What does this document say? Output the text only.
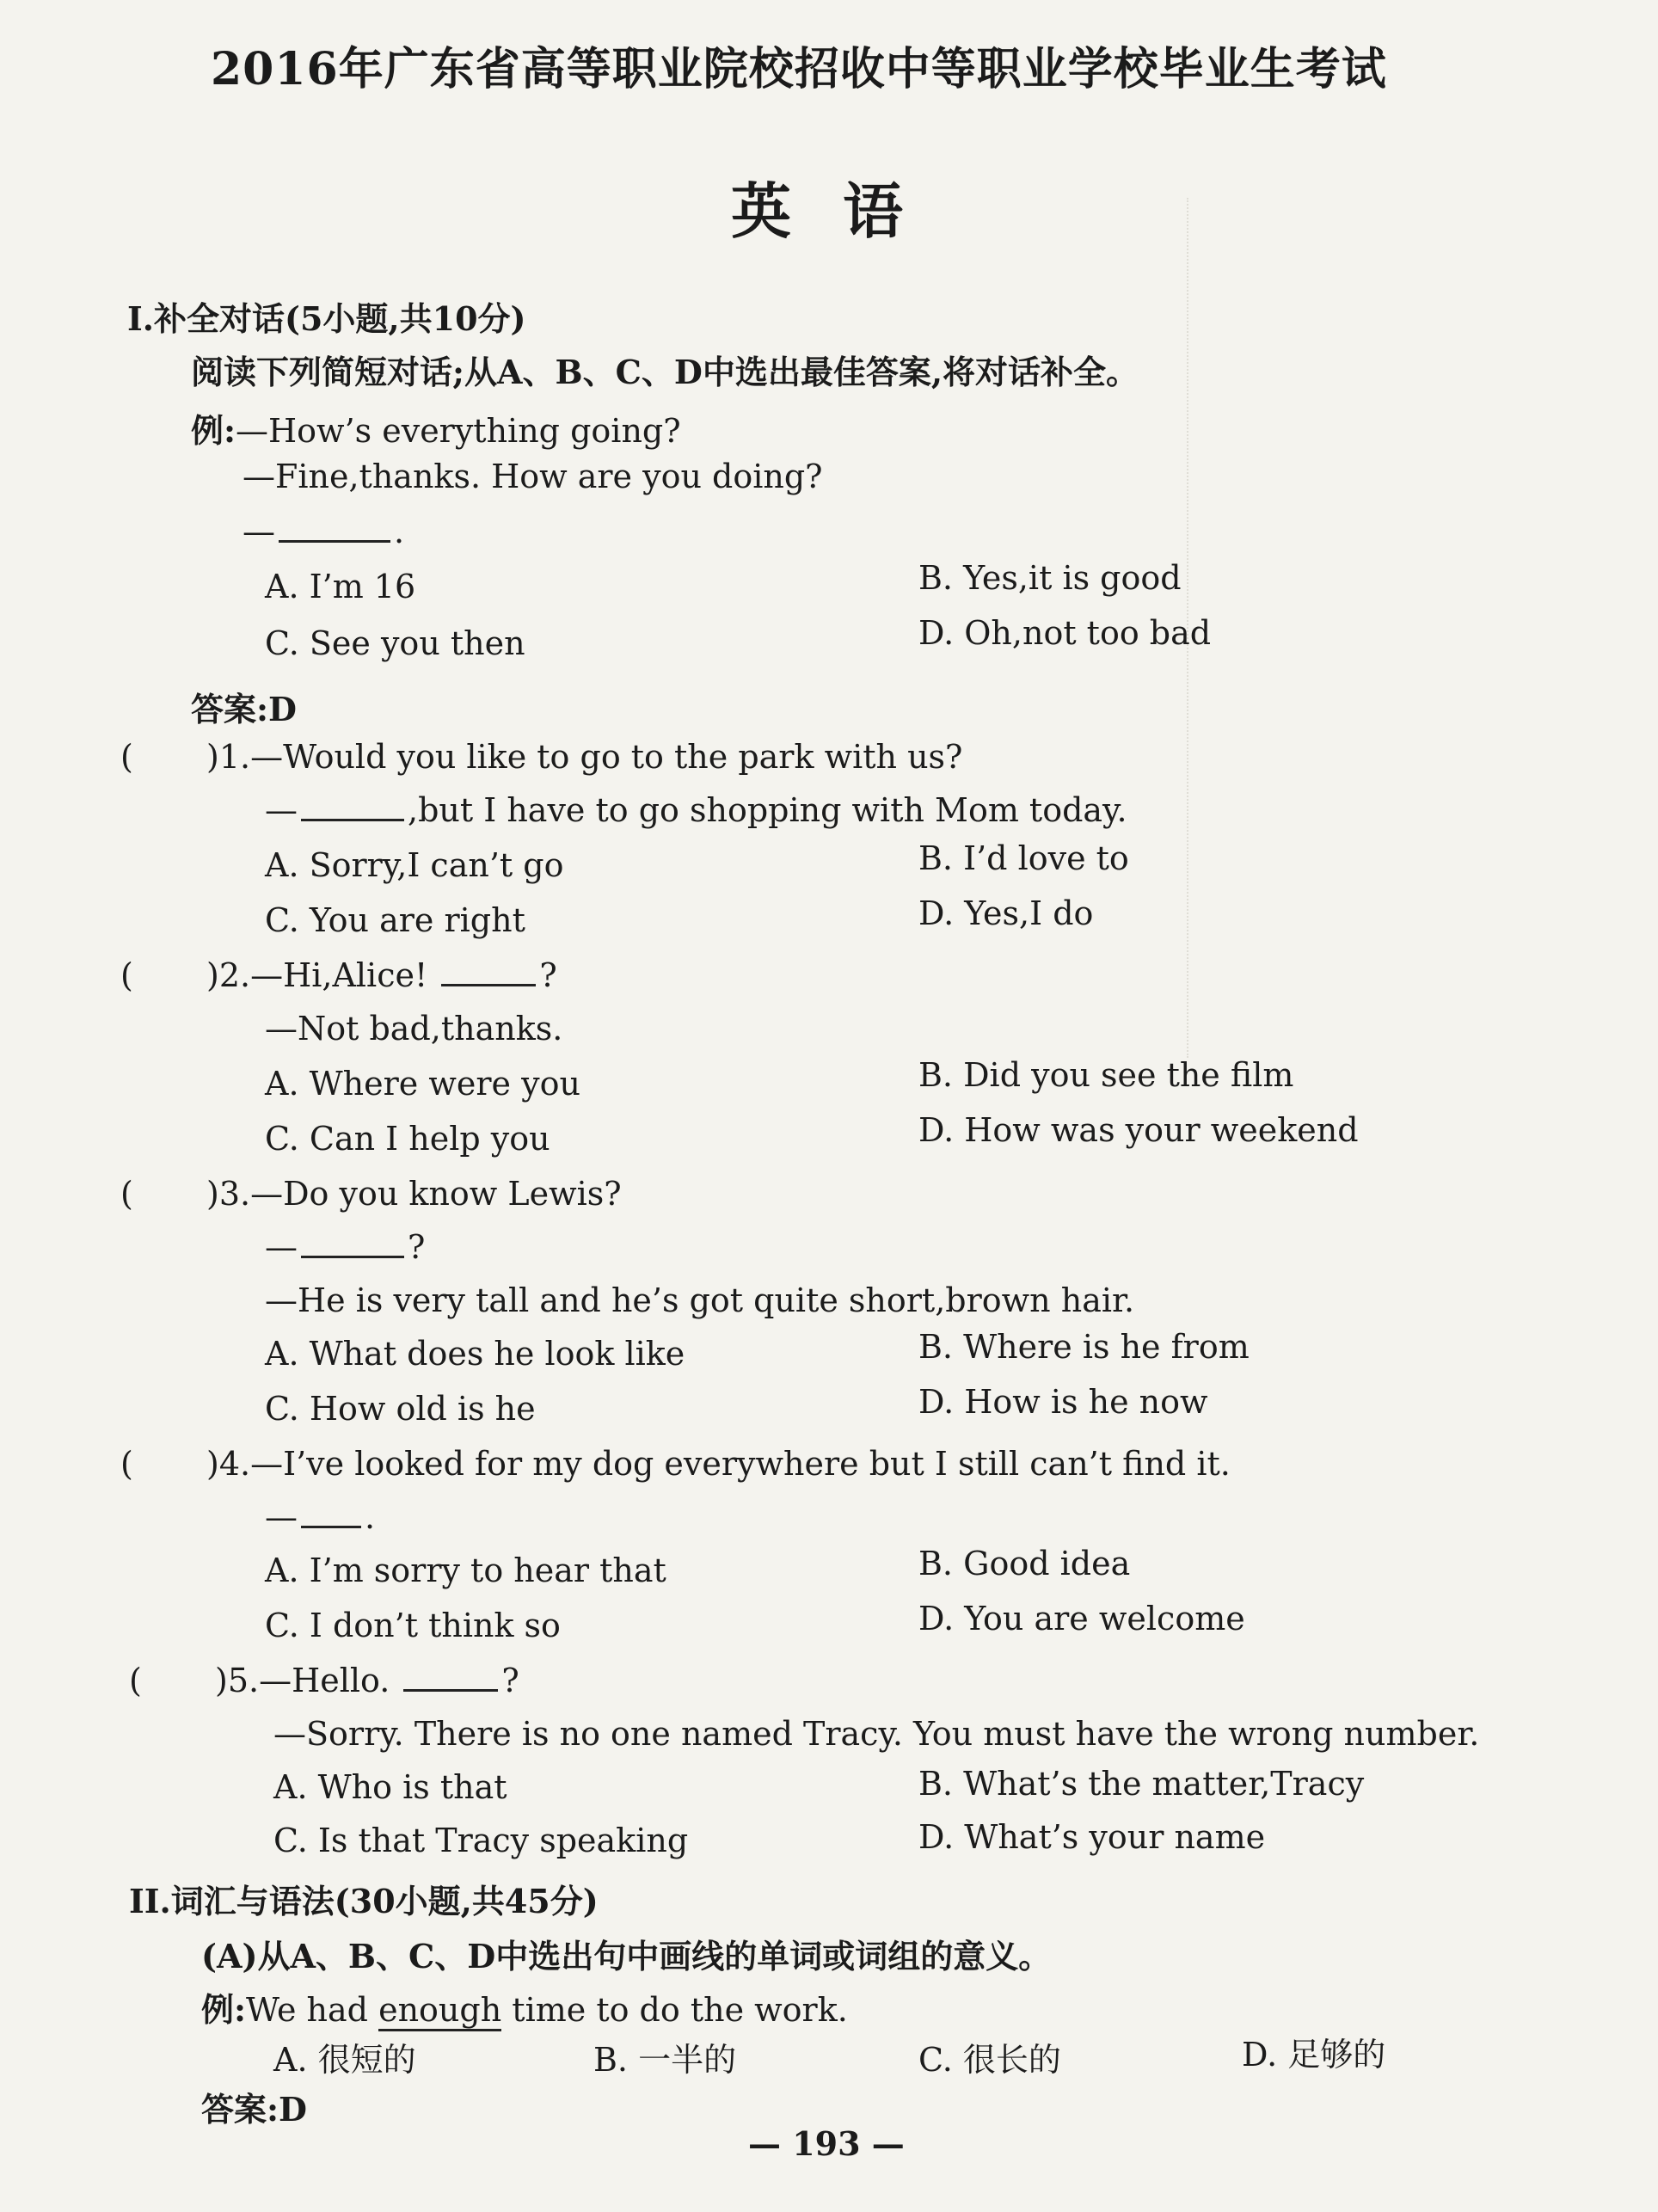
2016年广东省高等职业院校招收中等职业学校毕业生考试
英语
I.补全对话(5小题,共10分)
阅读下列简短对话;从A、B、C、D中选出最佳答案,将对话补全。
例:—How’s everything going?
—Fine,thanks. How are you doing?
—	.
A. I’m 16	B. Yes,it is good
C. See you then	D. Oh,not too bad
答案:D
( )1.—Would you like to go to the park with us?
—	,but I have to go shopping with Mom today.
A. Sorry,I can’t go	B. I’d love to
C. You are right	D. Yes,I do
( )2.—Hi,Alice!	?
—Not bad,thanks.
A. Where were you	B. Did you see the film
C. Can I help you	D. How was your weekend
( )3.—Do you know Lewis?
—	?
—He is very tall and he’s got quite short,brown hair.
A. What does he look like	B. Where is he from
C. How old is he	D. How is he now
( )4.—I’ve looked for my dog everywhere but I still can’t find it.
— .
A. I’m sorry to hear that	B. Good idea
C. I don’t think so	D. You are welcome
( )5.—Hello.	?
—Sorry. There is no one named Tracy. You must have the wrong number.
A. Who is that	B. What’s the matter,Tracy
C. Is that Tracy speaking	D. What’s your name
II.词汇与语法(30小题,共45分)
(A)从A、B、C、D中选出句中画线的单词或词组的意义。
例:We had enough time to do the work.
A. 很短的	B. 一半的	C. 很长的	D. 足够的
答案:D
— 193 —
